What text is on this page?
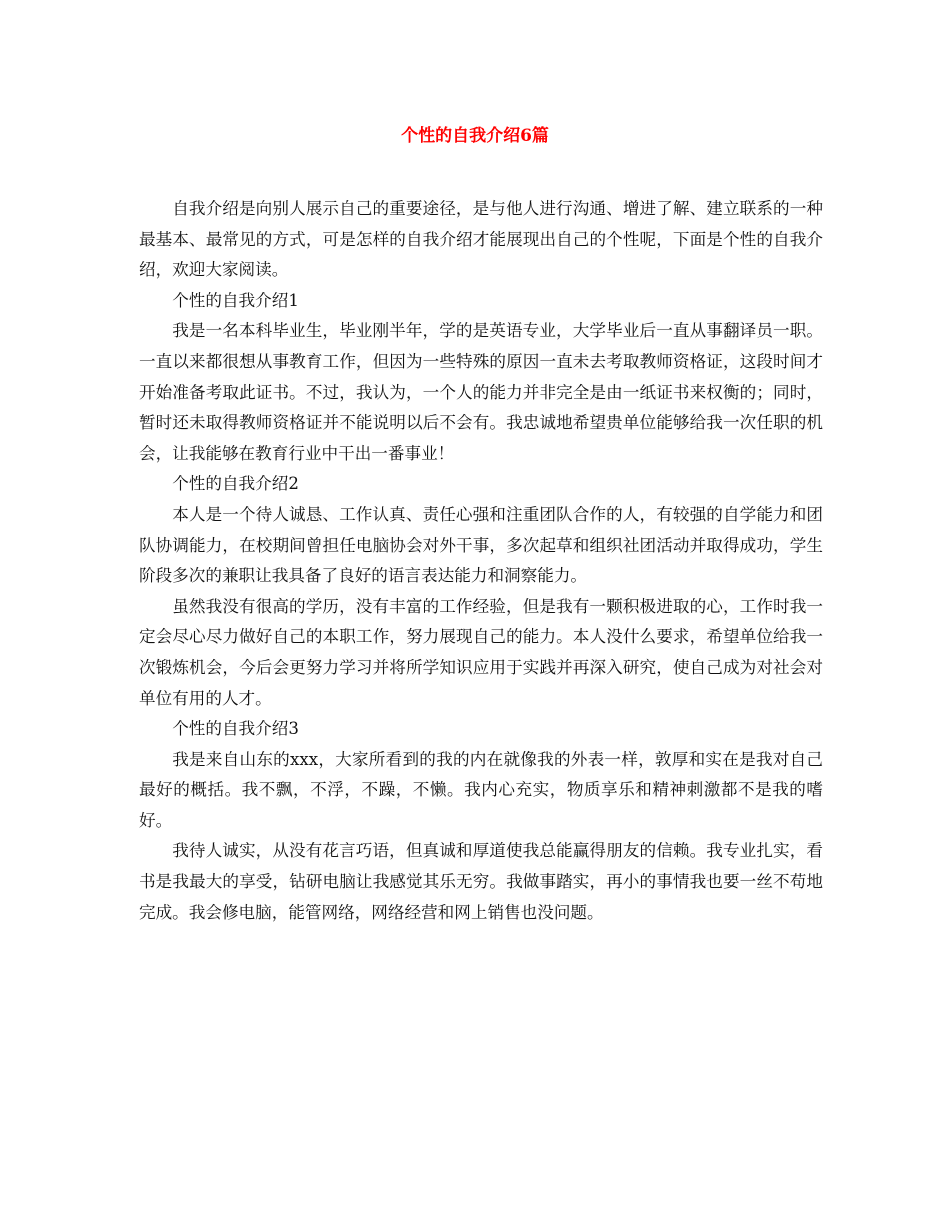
个性的自我介绍6篇

自我介绍是向别人展示自己的重要途径，是与他人进行沟通、增进了解、建立联系的一种最基本、最常见的方式，可是怎样的自我介绍才能展现出自己的个性呢，下面是个性的自我介绍，欢迎大家阅读。

个性的自我介绍1

我是一名本科毕业生，毕业刚半年，学的是英语专业，大学毕业后一直从事翻译员一职。一直以来都很想从事教育工作，但因为一些特殊的原因一直未去考取教师资格证，这段时间才开始准备考取此证书。不过，我认为，一个人的能力并非完全是由一纸证书来权衡的；同时，暂时还未取得教师资格证并不能说明以后不会有。我忠诚地希望贵单位能够给我一次任职的机会，让我能够在教育行业中干出一番事业！

个性的自我介绍2

本人是一个待人诚恳、工作认真、责任心强和注重团队合作的人，有较强的自学能力和团队协调能力，在校期间曾担任电脑协会对外干事，多次起草和组织社团活动并取得成功，学生阶段多次的兼职让我具备了良好的语言表达能力和洞察能力。

虽然我没有很高的学历，没有丰富的工作经验，但是我有一颗积极进取的心，工作时我一定会尽心尽力做好自己的本职工作，努力展现自己的能力。本人没什么要求，希望单位给我一次锻炼机会，今后会更努力学习并将所学知识应用于实践并再深入研究，使自己成为对社会对单位有用的人才。

个性的自我介绍3

我是来自山东的xxx，大家所看到的我的内在就像我的外表一样，敦厚和实在是我对自己最好的概括。我不飘，不浮，不躁，不懒。我内心充实，物质享乐和精神刺激都不是我的嗜好。

我待人诚实，从没有花言巧语，但真诚和厚道使我总能赢得朋友的信赖。我专业扎实，看书是我最大的享受，钻研电脑让我感觉其乐无穷。我做事踏实，再小的事情我也要一丝不苟地完成。我会修电脑，能管网络，网络经营和网上销售也没问题。
